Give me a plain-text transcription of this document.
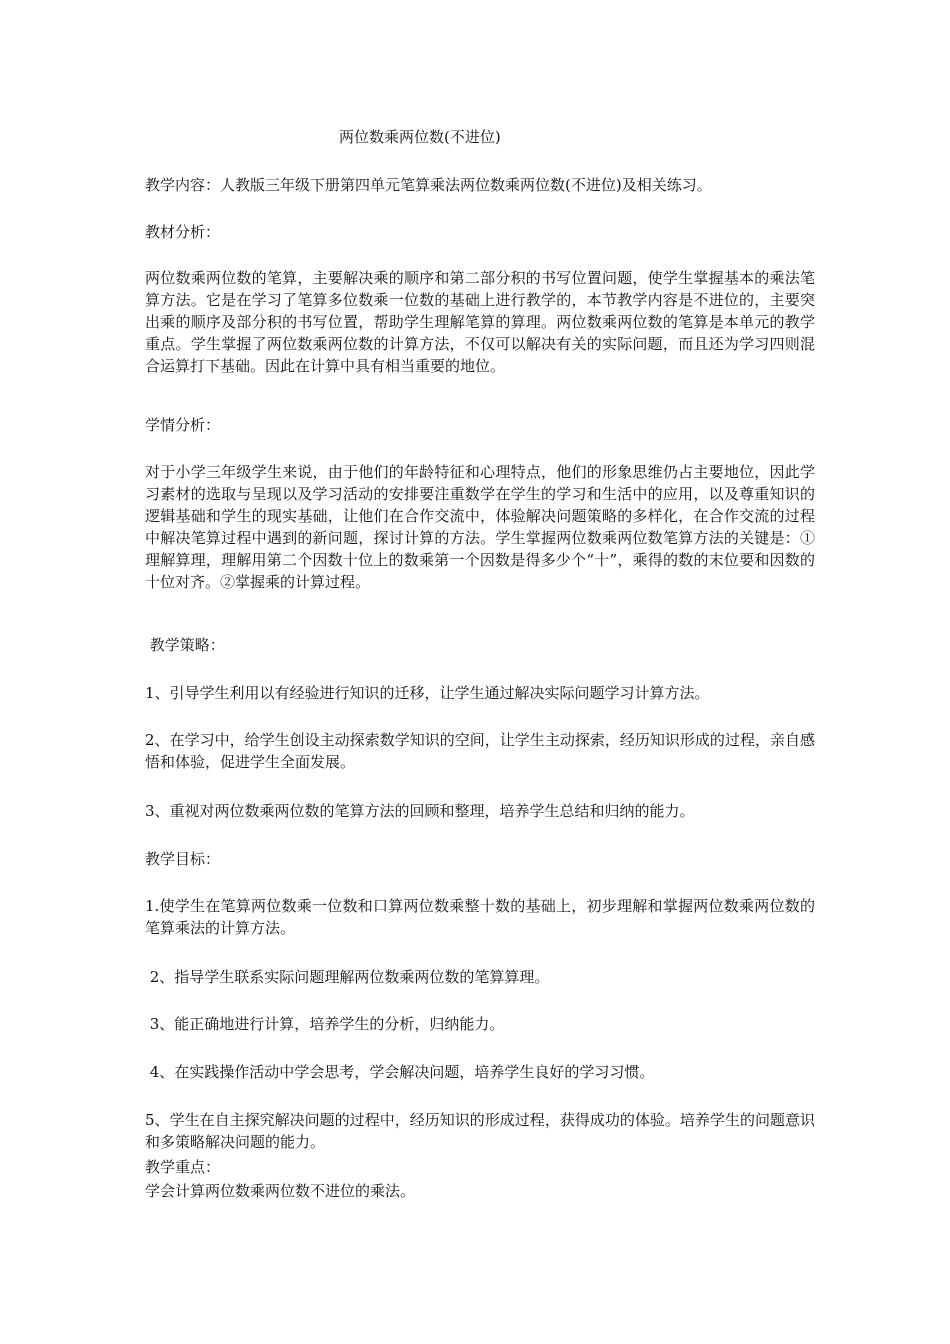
两位数乘两位数(不进位)
教学内容：人教版三年级下册第四单元笔算乘法两位数乘两位数(不进位)及相关练习。
教材分析：
两位数乘两位数的笔算，主要解决乘的顺序和第二部分积的书写位置问题，使学生掌握基本的乘法笔算方法。它是在学习了笔算多位数乘一位数的基础上进行教学的，本节教学内容是不进位的，主要突出乘的顺序及部分积的书写位置，帮助学生理解笔算的算理。两位数乘两位数的笔算是本单元的教学重点。学生掌握了两位数乘两位数的计算方法，不仅可以解决有关的实际问题，而且还为学习四则混合运算打下基础。因此在计算中具有相当重要的地位。
学情分析：
对于小学三年级学生来说，由于他们的年龄特征和心理特点，他们的形象思维仍占主要地位，因此学习素材的选取与呈现以及学习活动的安排要注重数学在学生的学习和生活中的应用，以及尊重知识的逻辑基础和学生的现实基础，让他们在合作交流中，体验解决问题策略的多样化，在合作交流的过程中解决笔算过程中遇到的新问题，探讨计算的方法。学生掌握两位数乘两位数笔算方法的关键是：①理解算理，理解用第二个因数十位上的数乘第一个因数是得多少个“十”，乘得的数的末位要和因数的十位对齐。②掌握乘的计算过程。
教学策略：
1、引导学生利用以有经验进行知识的迁移，让学生通过解决实际问题学习计算方法。
2、在学习中，给学生创设主动探索数学知识的空间，让学生主动探索，经历知识形成的过程，亲自感悟和体验，促进学生全面发展。
3、重视对两位数乘两位数的笔算方法的回顾和整理，培养学生总结和归纳的能力。
教学目标：
1.使学生在笔算两位数乘一位数和口算两位数乘整十数的基础上，初步理解和掌握两位数乘两位数的笔算乘法的计算方法。
2、指导学生联系实际问题理解两位数乘两位数的笔算算理。
3、能正确地进行计算，培养学生的分析，归纳能力。
4、在实践操作活动中学会思考，学会解决问题，培养学生良好的学习习惯。
5、学生在自主探究解决问题的过程中，经历知识的形成过程，获得成功的体验。培养学生的问题意识和多策略解决问题的能力。
教学重点：
学会计算两位数乘两位数不进位的乘法。
